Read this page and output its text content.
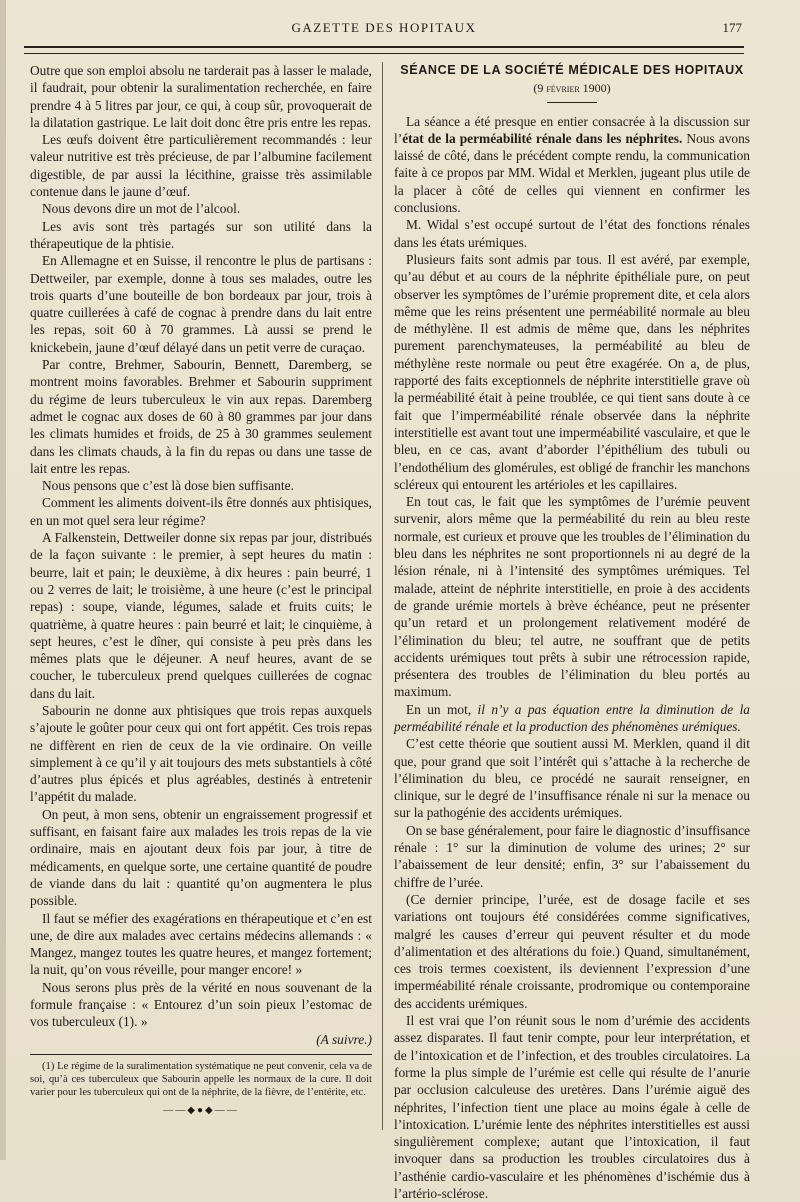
GAZETTE DES HOPITAUX	177

Outre que son emploi absolu ne tarderait pas à lasser le malade, il faudrait, pour obtenir la suralimentation recherchée, en faire prendre 4 à 5 litres par jour, ce qui, à coup sûr, provoquerait de la dilatation gastrique. Le lait doit donc être pris entre les repas.

Les œufs doivent être particulièrement recommandés : leur valeur nutritive est très précieuse, de par l’albumine facilement digestible, de par aussi la lécithine, graisse très assimilable contenue dans le jaune d’œuf.

Nous devons dire un mot de l’alcool.

Les avis sont très partagés sur son utilité dans la thérapeutique de la phtisie.

En Allemagne et en Suisse, il rencontre le plus de partisans : Dettweiler, par exemple, donne à tous ses malades, outre les trois quarts d’une bouteille de bon bordeaux par jour, trois à quatre cuillerées à café de cognac à prendre dans du lait entre les repas, soit 60 à 70 grammes. Là aussi se prend le knickebein, jaune d’œuf délayé dans un petit verre de curaçao.

Par contre, Brehmer, Sabourin, Bennett, Daremberg, se montrent moins favorables. Brehmer et Sabourin suppriment du régime de leurs tuberculeux le vin aux repas. Daremberg admet le cognac aux doses de 60 à 80 grammes par jour dans les climats humides et froids, de 25 à 30 grammes seulement dans les climats chauds, à la fin du repas ou dans une tasse de lait entre les repas.

Nous pensons que c’est là dose bien suffisante.

Comment les aliments doivent-ils être donnés aux phtisiques, en un mot quel sera leur régime?

A Falkenstein, Dettweiler donne six repas par jour, distribués de la façon suivante : le premier, à sept heures du matin : beurre, lait et pain; le deuxième, à dix heures : pain beurré, 1 ou 2 verres de lait; le troisième, à une heure (c’est le principal repas) : soupe, viande, légumes, salade et fruits cuits; le quatrième, à quatre heures : pain beurré et lait; le cinquième, à sept heures, c’est le dîner, qui consiste à peu près dans les mêmes plats que le déjeuner. A neuf heures, avant de se coucher, le tuberculeux prend quelques cuillerées de cognac dans du lait.

Sabourin ne donne aux phtisiques que trois repas auxquels s’ajoute le goûter pour ceux qui ont fort appétit. Ces trois repas ne diffèrent en rien de ceux de la vie ordinaire. On veille simplement à ce qu’il y ait toujours des mets substantiels à côté d’autres plus épicés et plus agréables, destinés à entretenir l’appétit du malade.

On peut, à mon sens, obtenir un engraissement progressif et suffisant, en faisant faire aux malades les trois repas de la vie ordinaire, mais en ajoutant deux fois par jour, à titre de médicaments, en quelque sorte, une certaine quantité de poudre de viande dans du lait : quantité qu’on augmentera le plus possible.

Il faut se méfier des exagérations en thérapeutique et c’en est une, de dire aux malades avec certains médecins allemands : « Mangez, mangez toutes les quatre heures, et mangez fortement; la nuit, qu’on vous réveille, pour manger encore! »

Nous serons plus près de la vérité en nous souvenant de la formule française : « Entourez d’un soin pieux l’estomac de vos tuberculeux (1). »

(A suivre.)
(1) Le régime de la suralimentation systématique ne peut convenir, cela va de soi, qu’à ces tuberculeux que Sabourin appelle les normaux de la cure. Il doit varier pour les tuberculeux qui ont de la néphrite, de la fièvre, de l’entérite, etc.
——◆●◆——
SÉANCE DE LA SOCIÉTÉ MÉDICALE DES HOPITAUX
(9 février 1900)

La séance a été presque en entier consacrée à la discussion sur l’état de la perméabilité rénale dans les néphrites. Nous avons laissé de côté, dans le précédent compte rendu, la communication faite à ce propos par MM. Widal et Merklen, jugeant plus utile de la placer à côté de celles qui viennent en confirmer les conclusions.

M. Widal s’est occupé surtout de l’état des fonctions rénales dans les états urémiques.

Plusieurs faits sont admis par tous. Il est avéré, par exemple, qu’au début et au cours de la néphrite épithéliale pure, on peut observer les symptômes de l’urémie proprement dite, et cela alors même que les reins présentent une perméabilité normale au bleu de méthylène. Il est admis de même que, dans les néphrites purement parenchymateuses, la perméabilité au bleu de méthylène reste normale ou peut être exagérée. On a, de plus, rapporté des faits exceptionnels de néphrite interstitielle grave où la perméabilité était à peine troublée, ce qui tient sans doute à ce fait que l’imperméabilité rénale observée dans la néphrite interstitielle est avant tout une imperméabilité vasculaire, et que le bleu, en ce cas, avant d’aborder l’épithélium des tubuli ou l’endothélium des glomérules, est obligé de franchir les manchons scléreux qui entourent les artérioles et les capillaires.

En tout cas, le fait que les symptômes de l’urémie peuvent survenir, alors même que la perméabilité du rein au bleu reste normale, est curieux et prouve que les troubles de l’élimination du bleu dans les néphrites ne sont proportionnels ni au degré de la lésion rénale, ni à l’intensité des symptômes urémiques. Tel malade, atteint de néphrite interstitielle, en proie à des accidents de grande urémie mortels à brève échéance, peut ne présenter qu’un retard et un prolongement relativement modéré de l’élimination du bleu; tel autre, ne souffrant que de petits accidents urémiques tout prêts à subir une rétrocession rapide, présentera des troubles de l’élimination du bleu portés au maximum.

En un mot, il n’y a pas équation entre la diminution de la perméabilité rénale et la production des phénomènes urémiques.

C’est cette théorie que soutient aussi M. Merklen, quand il dit que, pour grand que soit l’intérêt qui s’attache à la recherche de l’élimination du bleu, ce procédé ne saurait renseigner, en clinique, sur le degré de l’insuffisance rénale ni sur la menace ou sur la pathogénie des accidents urémiques.

On se base généralement, pour faire le diagnostic d’insuffisance rénale : 1° sur la diminution de volume des urines; 2° sur l’abaissement de leur densité; enfin, 3° sur l’abaissement du chiffre de l’urée.

(Ce dernier principe, l’urée, est de dosage facile et ses variations ont toujours été considérées comme significatives, malgré les causes d’erreur qui peuvent résulter et du mode d’alimentation et des altérations du foie.) Quand, simultanément, ces trois termes coexistent, ils deviennent l’expression d’une imperméabilité rénale croissante, prodromique ou contemporaine des accidents urémiques.

Il est vrai que l’on réunit sous le nom d’urémie des accidents assez disparates. Il faut tenir compte, pour leur interprétation, et de l’intoxication et de l’infection, et des troubles circulatoires. La forme la plus simple de l’urémie est celle qui résulte de l’anurie par occlusion calculeuse des uretères. Dans l’urémie aiguë des néphrites, l’infection tient une place au moins égale à celle de l’intoxication. L’urémie lente des néphrites interstitielles est aussi singulièrement complexe; autant que l’intoxication, il faut invoquer dans sa production les troubles circulatoires dus à l’asthénie cardio-vasculaire et les phénomènes d’ischémie dus à l’artério-sclérose.
